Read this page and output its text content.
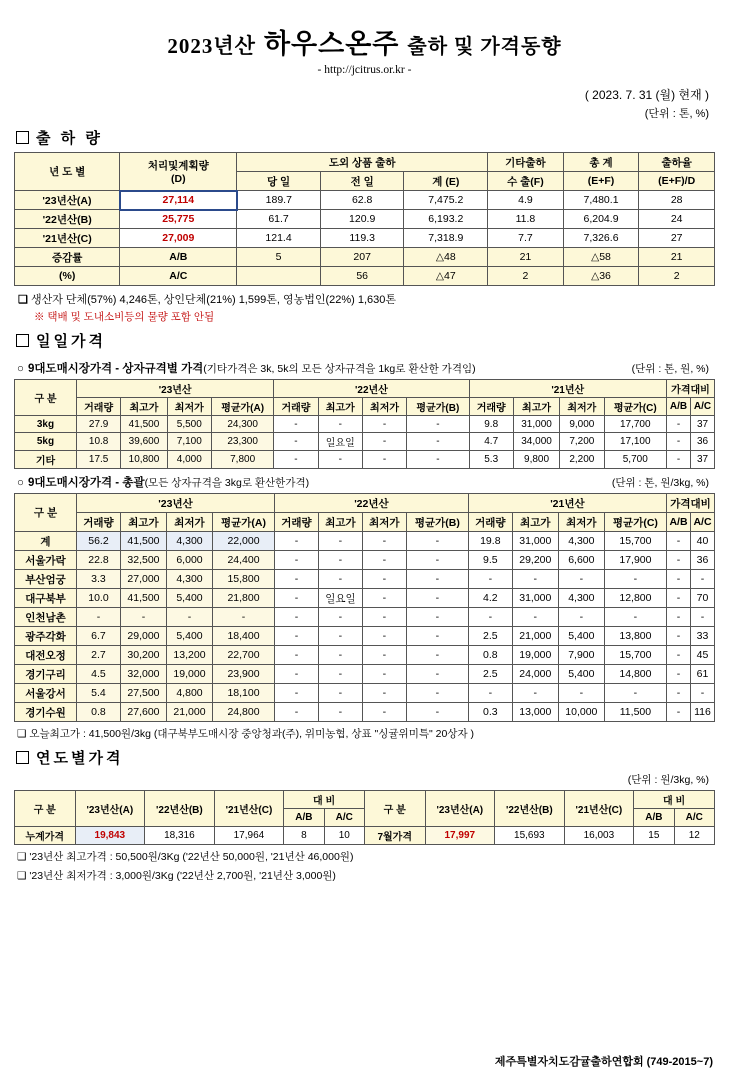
2023년산 하우스온주 출하 및 가격동향
- http://jcitrus.or.kr -
( 2023. 7. 31 (월) 현재 )
(단위 : 톤, %)
출 하 량
년 도 별	처리및계획량
(D)	도외 상품 출하			기타출하	총 계	출하율
		당 일	전 일	계 (E)	수 출(F)	(E+F)	(E+F)/D
'23년산(A)	27,114	189.7	62.8	7,475.2	4.9	7,480.1	28
'22년산(B)	25,775	61.7	120.9	6,193.2	11.8	6,204.9	24
'21년산(C)	27,009	121.4	119.3	7,318.9	7.7	7,326.6	27
증감률	A/B	5	207	△48	21	△58	21
(%)	A/C		56	△47	2	△36	2
❑ 생산자 단체(57%) 4,246톤, 상인단체(21%) 1,599톤, 영농법인(22%) 1,630톤
※ 택배 및 도내소비등의 물량 포함 안됨
일일가격
○ 9대도매시장가격 - 상자규격별 가격 (기타가격은 3k, 5k의 모든 상자규격을 1kg로 환산한 가격임)	(단위 : 톤, 원, %)
구 분	'23년산				'22년산				'21년산				가격대비	
	거래량	최고가	최저가	평균가(A)	거래량	최고가	최저가	평균가(B)	거래량	최고가	최저가	평균가(C)	A/B	A/C
3kg	27.9	41,500	5,500	24,300	-	-	-	-	9.8	31,000	9,000	17,700	-	37
5kg	10.8	39,600	7,100	23,300	-	일요일	-	-	4.7	34,000	7,200	17,100	-	36
기타	17.5	10,800	4,000	7,800	-	-	-	-	5.3	9,800	2,200	5,700	-	37
○ 9대도매시장가격 - 총괄 (모든 상자규격을 3kg로 환산한가격)	(단위 : 톤, 원/3kg, %)
구 분	'23년산				'22년산				'21년산				가격대비	
	거래량	최고가	최저가	평균가(A)	거래량	최고가	최저가	평균가(B)	거래량	최고가	최저가	평균가(C)	A/B	A/C
계	56.2	41,500	4,300	22,000	-	-	-	-	19.8	31,000	4,300	15,700	-	40
서울가락	22.8	32,500	6,000	24,400	-	-	-	-	9.5	29,200	6,600	17,900	-	36
부산엄궁	3.3	27,000	4,300	15,800	-	-	-	-	-	-	-	-	-	-
대구북부	10.0	41,500	5,400	21,800	-	일요일	-	-	4.2	31,000	4,300	12,800	-	70
인천남촌	-	-	-	-	-	-	-	-	-	-	-	-	-	-
광주각화	6.7	29,000	5,400	18,400	-	-	-	-	2.5	21,000	5,400	13,800	-	33
대전오정	2.7	30,200	13,200	22,700	-	-	-	-	0.8	19,000	7,900	15,700	-	45
경기구리	4.5	32,000	19,000	23,900	-	-	-	-	2.5	24,000	5,400	14,800	-	61
서울강서	5.4	27,500	4,800	18,100	-	-	-	-	-	-	-	-	-	-
경기수원	0.8	27,600	21,000	24,800	-	-	-	-	0.3	13,000	10,000	11,500	-	116
❑ 오늘최고가 : 41,500원/3kg (대구북부도매시장 중앙청과(주), 위미농협, 상표 "싱귤위미특" 20상자 )
연도별가격
(단위 : 원/3kg, %)
구 분	'23년산(A)	'22년산(B)	'21년산(C)	대 비		구 분	'23년산(A)	'22년산(B)	'21년산(C)	대 비	
				A/B	A/C					A/B	A/C
누계가격	19,843	18,316	17,964	8	10	7월가격	17,997	15,693	16,003	15	12
❑ '23년산 최고가격 : 50,500원/3Kg ('22년산 50,000원, '21년산 46,000원)
❑ '23년산 최저가격 : 3,000원/3Kg ('22년산 2,700원, '21년산 3,000원)
제주특별자치도감귤출하연합회 (749-2015~7)
